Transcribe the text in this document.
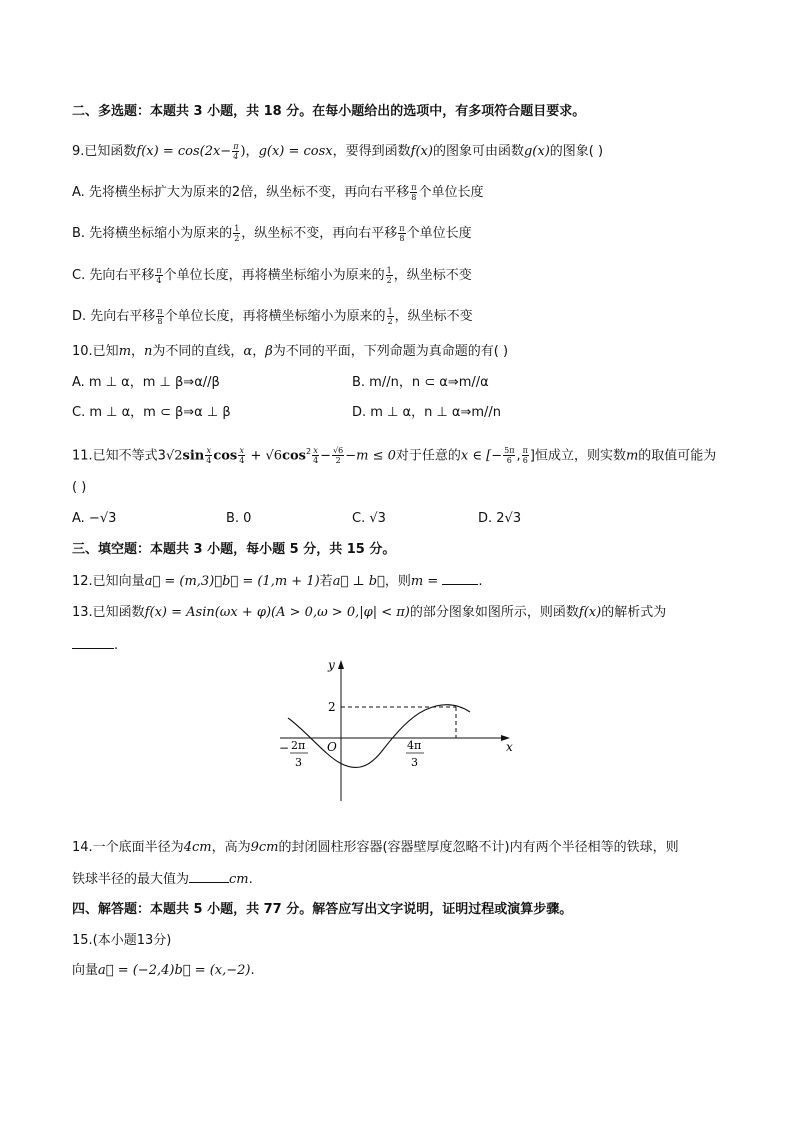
二、多选题：本题共 3 小题，共 18 分。在每小题给出的选项中，有多项符合题目要求。
9.已知函数$f(x) = \cos(2x- \frac{\pi}{4}$ )，g(x) = cosx，要得到函数f(x)的图象可由函数g(x)的图象( )
A. 先将横坐标扩大为原来的2倍，纵坐标不变，再向右平移 $\frac{\pi}{8}$ 个单位长度
B. 先将横坐标缩小为原来的 $\frac{1}{2}$ ，纵坐标不变，再向右平移 $\frac{\pi}{8}$ 个单位长度
C. 先向右平移 $\frac{\pi}{4}$ 个单位长度，再将横坐标缩小为原来的 $\frac{1}{2}$ ，纵坐标不变
D. 先向右平移 $\frac{\pi}{8}$ 个单位长度，再将横坐标缩小为原来的 $\frac{1}{2}$ ，纵坐标不变
10.已知m，n为不同的直线，α，β为不同的平面，下列命题为真命题的有( )
A. m ⊥ α，m ⊥ β⇒α//β	B. m//n，n ⊂ α⇒m//α
C. m ⊥ α，m ⊂ β⇒α ⊥ β	D. m ⊥ α，n ⊥ α⇒m//n
11.已知不等式$3√2\sin \frac{x}{4}$ $\cos \frac{x}{4} + √6\cos^2 \frac{x}{4} - \frac{√6}{2} -m \le 0$对于任意的x ∈ [− $\frac{5\pi}{6}$ , $\frac{\pi}{6}$ ]恒成立，则实数m的取值可能为
( )
A. −√3	B. 0	C. √3	D. 2√3
三、填空题：本题共 3 小题，每小题 5 分，共 15 分。
12.已知向量a⃗ = (m,3)，b⃗ = (1,m + 1)若a⃗ ⊥ b⃗，则m =	.
13.已知函数f(x) = Asin(ωx + φ)(A > 0,ω > 0,|φ| < π)的部分图象如图所示，则函数f(x)的解析式为
.
y
x
O
2
− 2π
3
4π
3
14.一个底面半径为4cm，高为9cm的封闭圆柱形容器(容器壁厚度忽略不计)内有两个半径相等的铁球，则
铁球半径的最大值为	cm.
四、解答题：本题共 5 小题，共 77 分。解答应写出文字说明，证明过程或演算步骤。
15.(本小题13分)
向量a⃗ = (−2,4)b⃗ = (x,−2).
